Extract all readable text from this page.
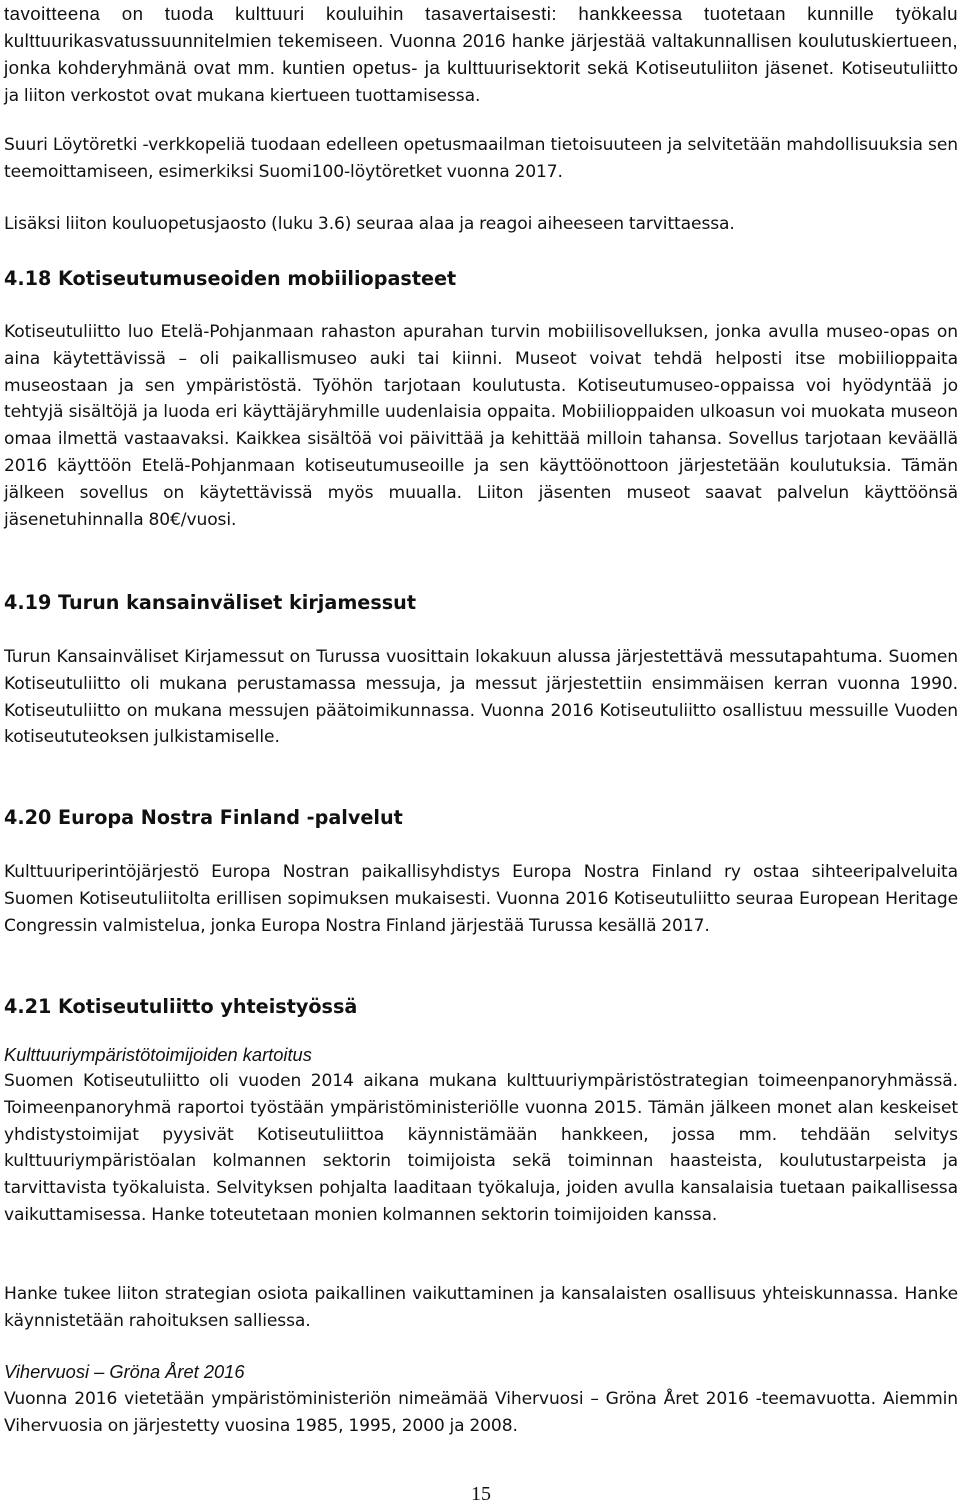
tavoitteena on tuoda kulttuuri kouluihin tasavertaisesti: hankkeessa tuotetaan kunnille työkalu kulttuurikasvatussuunnitelmien tekemiseen. Vuonna 2016 hanke järjestää valtakunnallisen koulutuskiertueen, jonka kohderyhmänä ovat mm. kuntien opetus- ja kulttuurisektorit sekä Kotiseutuliiton jäsenet. Kotiseutuliitto ja liiton verkostot ovat mukana kiertueen tuottamisessa.

Suuri Löytöretki -verkkopeliä tuodaan edelleen opetusmaailman tietoisuuteen ja selvitetään mahdollisuuksia sen teemoittamiseen, esimerkiksi Suomi100-löytöretket vuonna 2017.

Lisäksi liiton kouluopetusjaosto (luku 3.6) seuraa alaa ja reagoi aiheeseen tarvittaessa.

4.18 Kotiseutumuseoiden mobiiliopasteet

Kotiseutuliitto luo Etelä-Pohjanmaan rahaston apurahan turvin mobiilisovelluksen, jonka avulla museo-opas on aina käytettävissä – oli paikallismuseo auki tai kiinni. Museot voivat tehdä helposti itse mobiilioppaita museostaan ja sen ympäristöstä. Työhön tarjotaan koulutusta. Kotiseutumuseo-oppaissa voi hyödyntää jo tehtyjä sisältöjä ja luoda eri käyttäjäryhmille uudenlaisia oppaita. Mobiilioppaiden ulkoasun voi muokata museon omaa ilmettä vastaavaksi. Kaikkea sisältöä voi päivittää ja kehittää milloin tahansa. Sovellus tarjotaan keväällä 2016 käyttöön Etelä-Pohjanmaan kotiseutumuseoille ja sen käyttöönottoon järjestetään koulutuksia. Tämän jälkeen sovellus on käytettävissä myös muualla. Liiton jäsenten museot saavat palvelun käyttöönsä jäsenetuhinnalla 80€/vuosi.

4.19 Turun kansainväliset kirjamessut

Turun Kansainväliset Kirjamessut on Turussa vuosittain lokakuun alussa järjestettävä messutapahtuma. Suomen Kotiseutuliitto oli mukana perustamassa messuja, ja messut järjestettiin ensimmäisen kerran vuonna 1990. Kotiseutuliitto on mukana messujen päätoimikunnassa. Vuonna 2016 Kotiseutuliitto osallistuu messuille Vuoden kotiseututeoksen julkistamiselle.

4.20 Europa Nostra Finland -palvelut

Kulttuuriperintöjärjestö Europa Nostran paikallisyhdistys Europa Nostra Finland ry ostaa sihteeripalveluita Suomen Kotiseutuliitolta erillisen sopimuksen mukaisesti. Vuonna 2016 Kotiseutuliitto seuraa European Heritage Congressin valmistelua, jonka Europa Nostra Finland järjestää Turussa kesällä 2017.

4.21 Kotiseutuliitto yhteistyössä

Kulttuuriympäristötoimijoiden kartoitus

Suomen Kotiseutuliitto oli vuoden 2014 aikana mukana kulttuuriympäristöstrategian toimeenpanoryhmässä. Toimeenpanoryhmä raportoi työstään ympäristöministeriölle vuonna 2015. Tämän jälkeen monet alan keskeiset yhdistystoimijat pyysivät Kotiseutuliittoa käynnistämään hankkeen, jossa mm. tehdään selvitys kulttuuriympäristöalan kolmannen sektorin toimijoista sekä toiminnan haasteista, koulutustarpeista ja tarvittavista työkaluista. Selvityksen pohjalta laaditaan työkaluja, joiden avulla kansalaisia tuetaan paikallisessa vaikuttamisessa. Hanke toteutetaan monien kolmannen sektorin toimijoiden kanssa.

Hanke tukee liiton strategian osiota paikallinen vaikuttaminen ja kansalaisten osallisuus yhteiskunnassa. Hanke käynnistetään rahoituksen salliessa.

Vihervuosi – Gröna Året 2016

Vuonna 2016 vietetään ympäristöministeriön nimeämää Vihervuosi – Gröna Året 2016 -teemavuotta. Aiemmin Vihervuosia on järjestetty vuosina 1985, 1995, 2000 ja 2008.

15
